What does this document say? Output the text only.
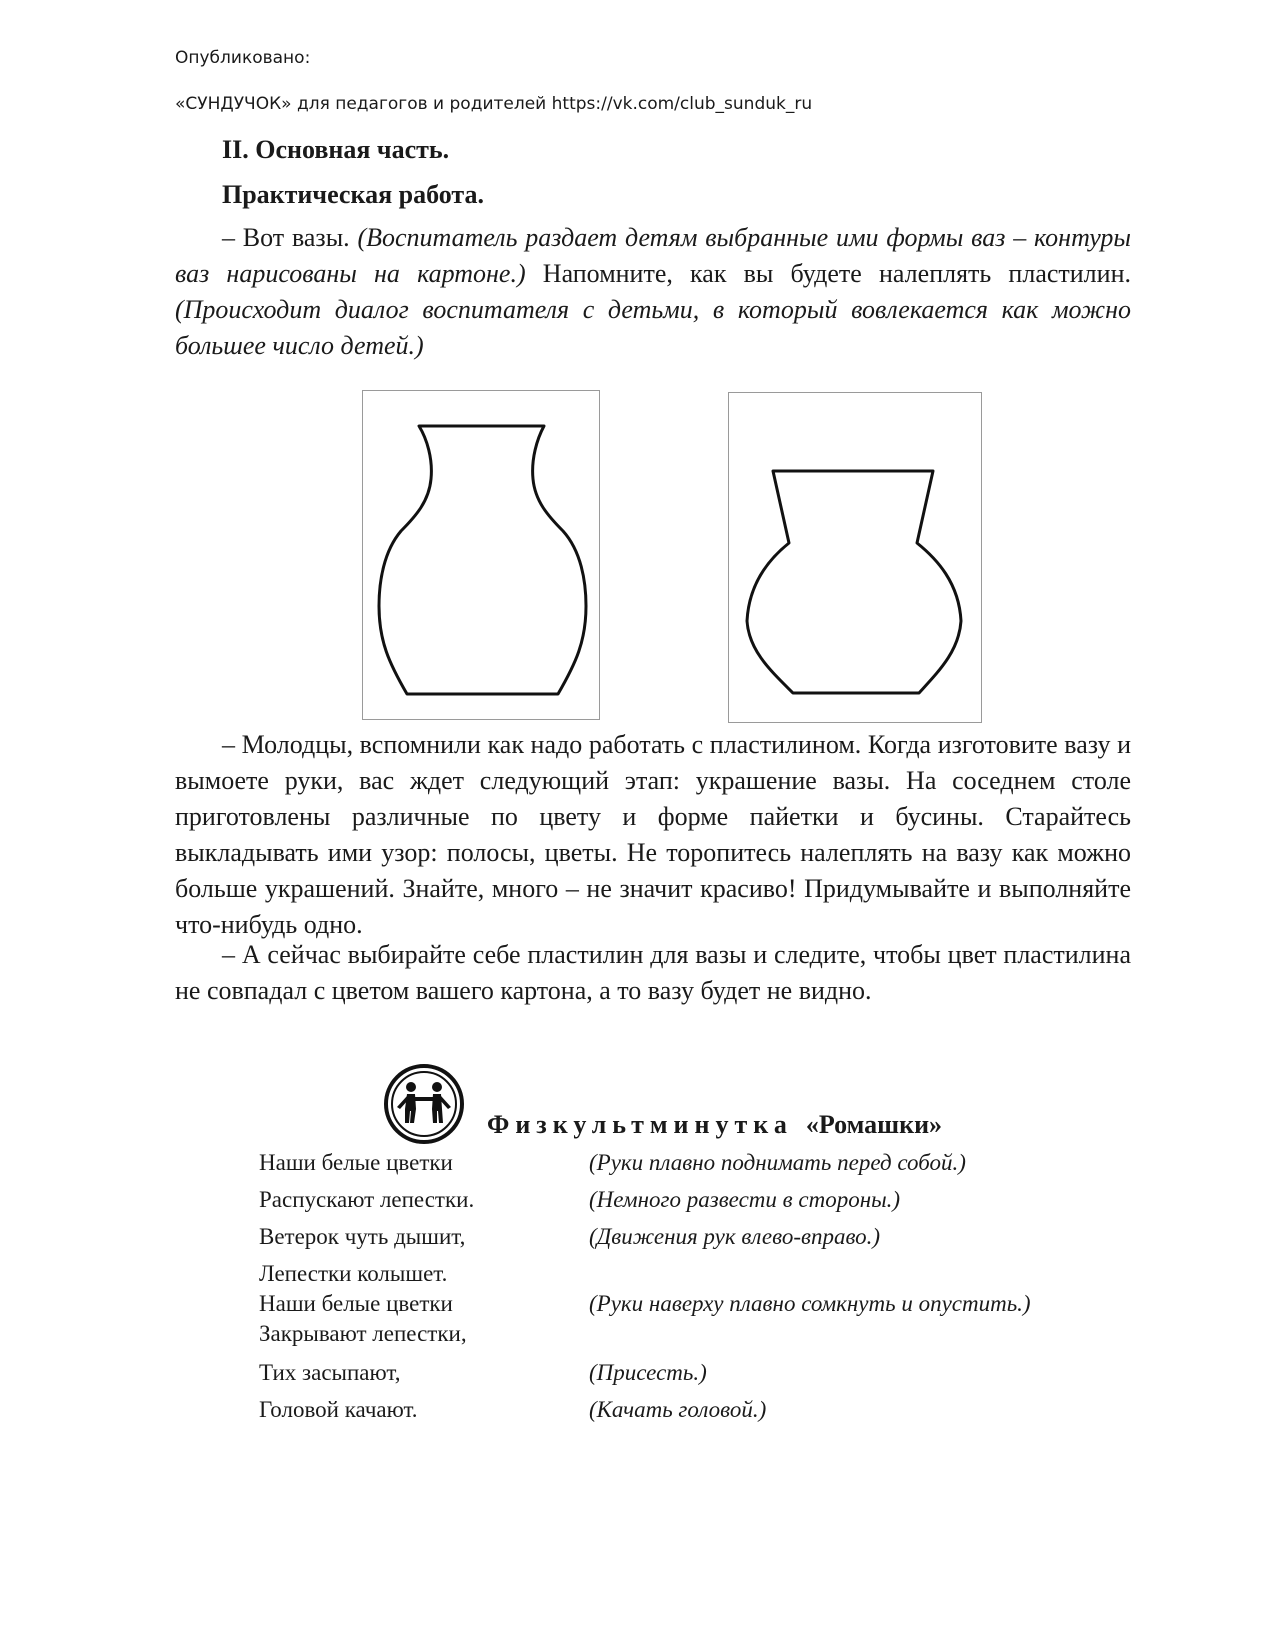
Опубликовано:
«СУНДУЧОК» для педагогов и родителей https://vk.com/club_sunduk_ru
II. Основная часть.
Практическая работа.

– Вот вазы. (Воспитатель раздает детям выбранные ими формы ваз – контуры ваз нарисованы на картоне.) Напомните, как вы будете налеплять пластилин. (Происходит диалог воспитателя с детьми, в который вовлекается как можно большее число детей.)

– Молодцы, вспомнили как надо работать с пластилином. Когда изготовите вазу и вымоете руки, вас ждет следующий этап: украшение вазы. На соседнем столе приготовлены различные по цвету и форме пайетки и бусины. Старайтесь выкладывать ими узор: полосы, цветы. Не торопитесь налеплять на вазу как можно больше украшений. Знайте, много – не значит красиво! Придумывайте и выполняйте что-нибудь одно.

– А сейчас выбирайте себе пластилин для вазы и следите, чтобы цвет пластилина не совпадал с цветом вашего картона, а то вазу будет не видно.

Физкультминутка «Ромашки»
Наши белые цветки	(Руки плавно поднимать перед собой.)
Распускают лепестки.	(Немного развести в стороны.)
Ветерок чуть дышит,	(Движения рук влево-вправо.)
Лепестки колышет.
Наши белые цветки	(Руки наверху плавно сомкнуть и опустить.)
Закрывают лепестки,
Тих засыпают,	(Присесть.)
Головой качают.	(Качать головой.)
